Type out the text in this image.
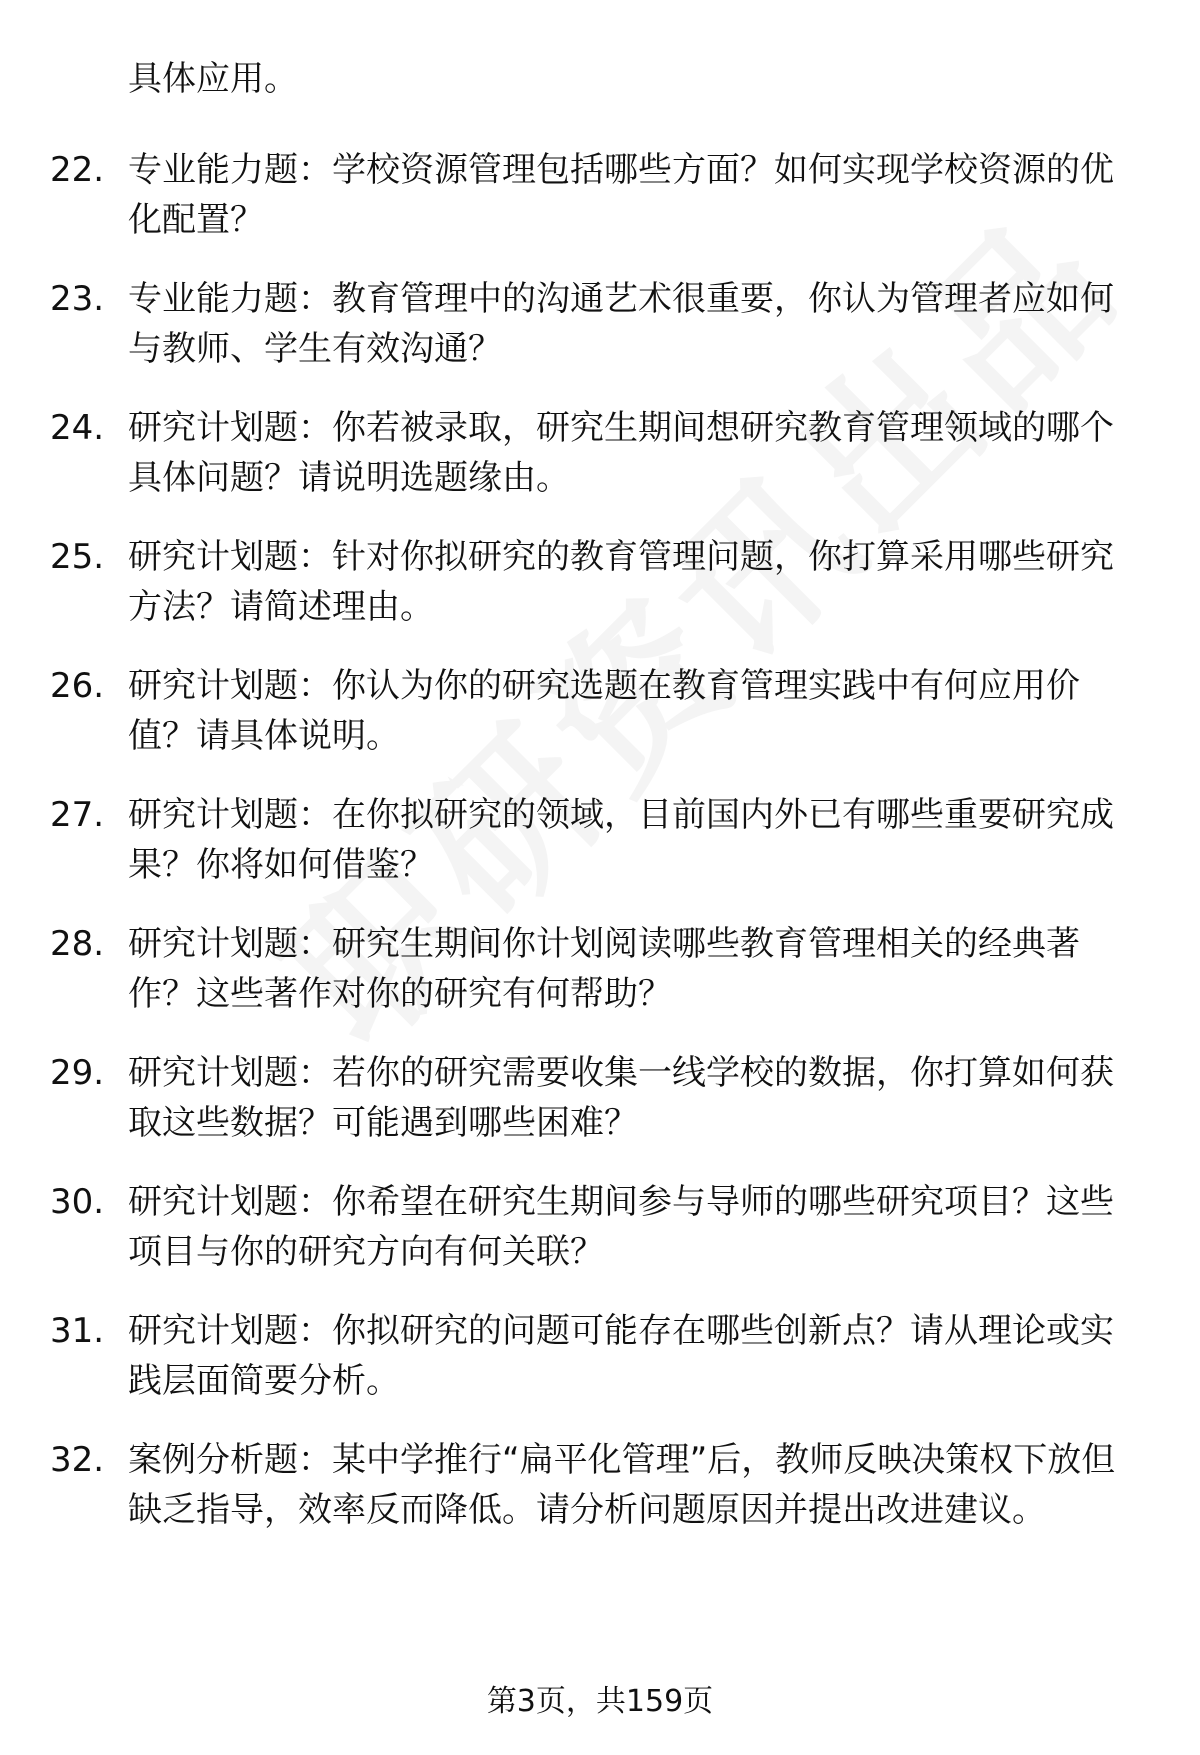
具体应用。
22. 专业能力题：学校资源管理包括哪些方面？如何实现学校资源的优化配置？
23. 专业能力题：教育管理中的沟通艺术很重要，你认为管理者应如何与教师、学生有效沟通？
24. 研究计划题：你若被录取，研究生期间想研究教育管理领域的哪个具体问题？请说明选题缘由。
25. 研究计划题：针对你拟研究的教育管理问题，你打算采用哪些研究方法？请简述理由。
26. 研究计划题：你认为你的研究选题在教育管理实践中有何应用价值？请具体说明。
27. 研究计划题：在你拟研究的领域，目前国内外已有哪些重要研究成果？你将如何借鉴？
28. 研究计划题：研究生期间你计划阅读哪些教育管理相关的经典著作？这些著作对你的研究有何帮助？
29. 研究计划题：若你的研究需要收集一线学校的数据，你打算如何获取这些数据？可能遇到哪些困难？
30. 研究计划题：你希望在研究生期间参与导师的哪些研究项目？这些项目与你的研究方向有何关联？
31. 研究计划题：你拟研究的问题可能存在哪些创新点？请从理论或实践层面简要分析。
32. 案例分析题：某中学推行“扁平化管理”后，教师反映决策权下放但缺乏指导，效率反而降低。请分析问题原因并提出改进建议。
第3页，共159页
